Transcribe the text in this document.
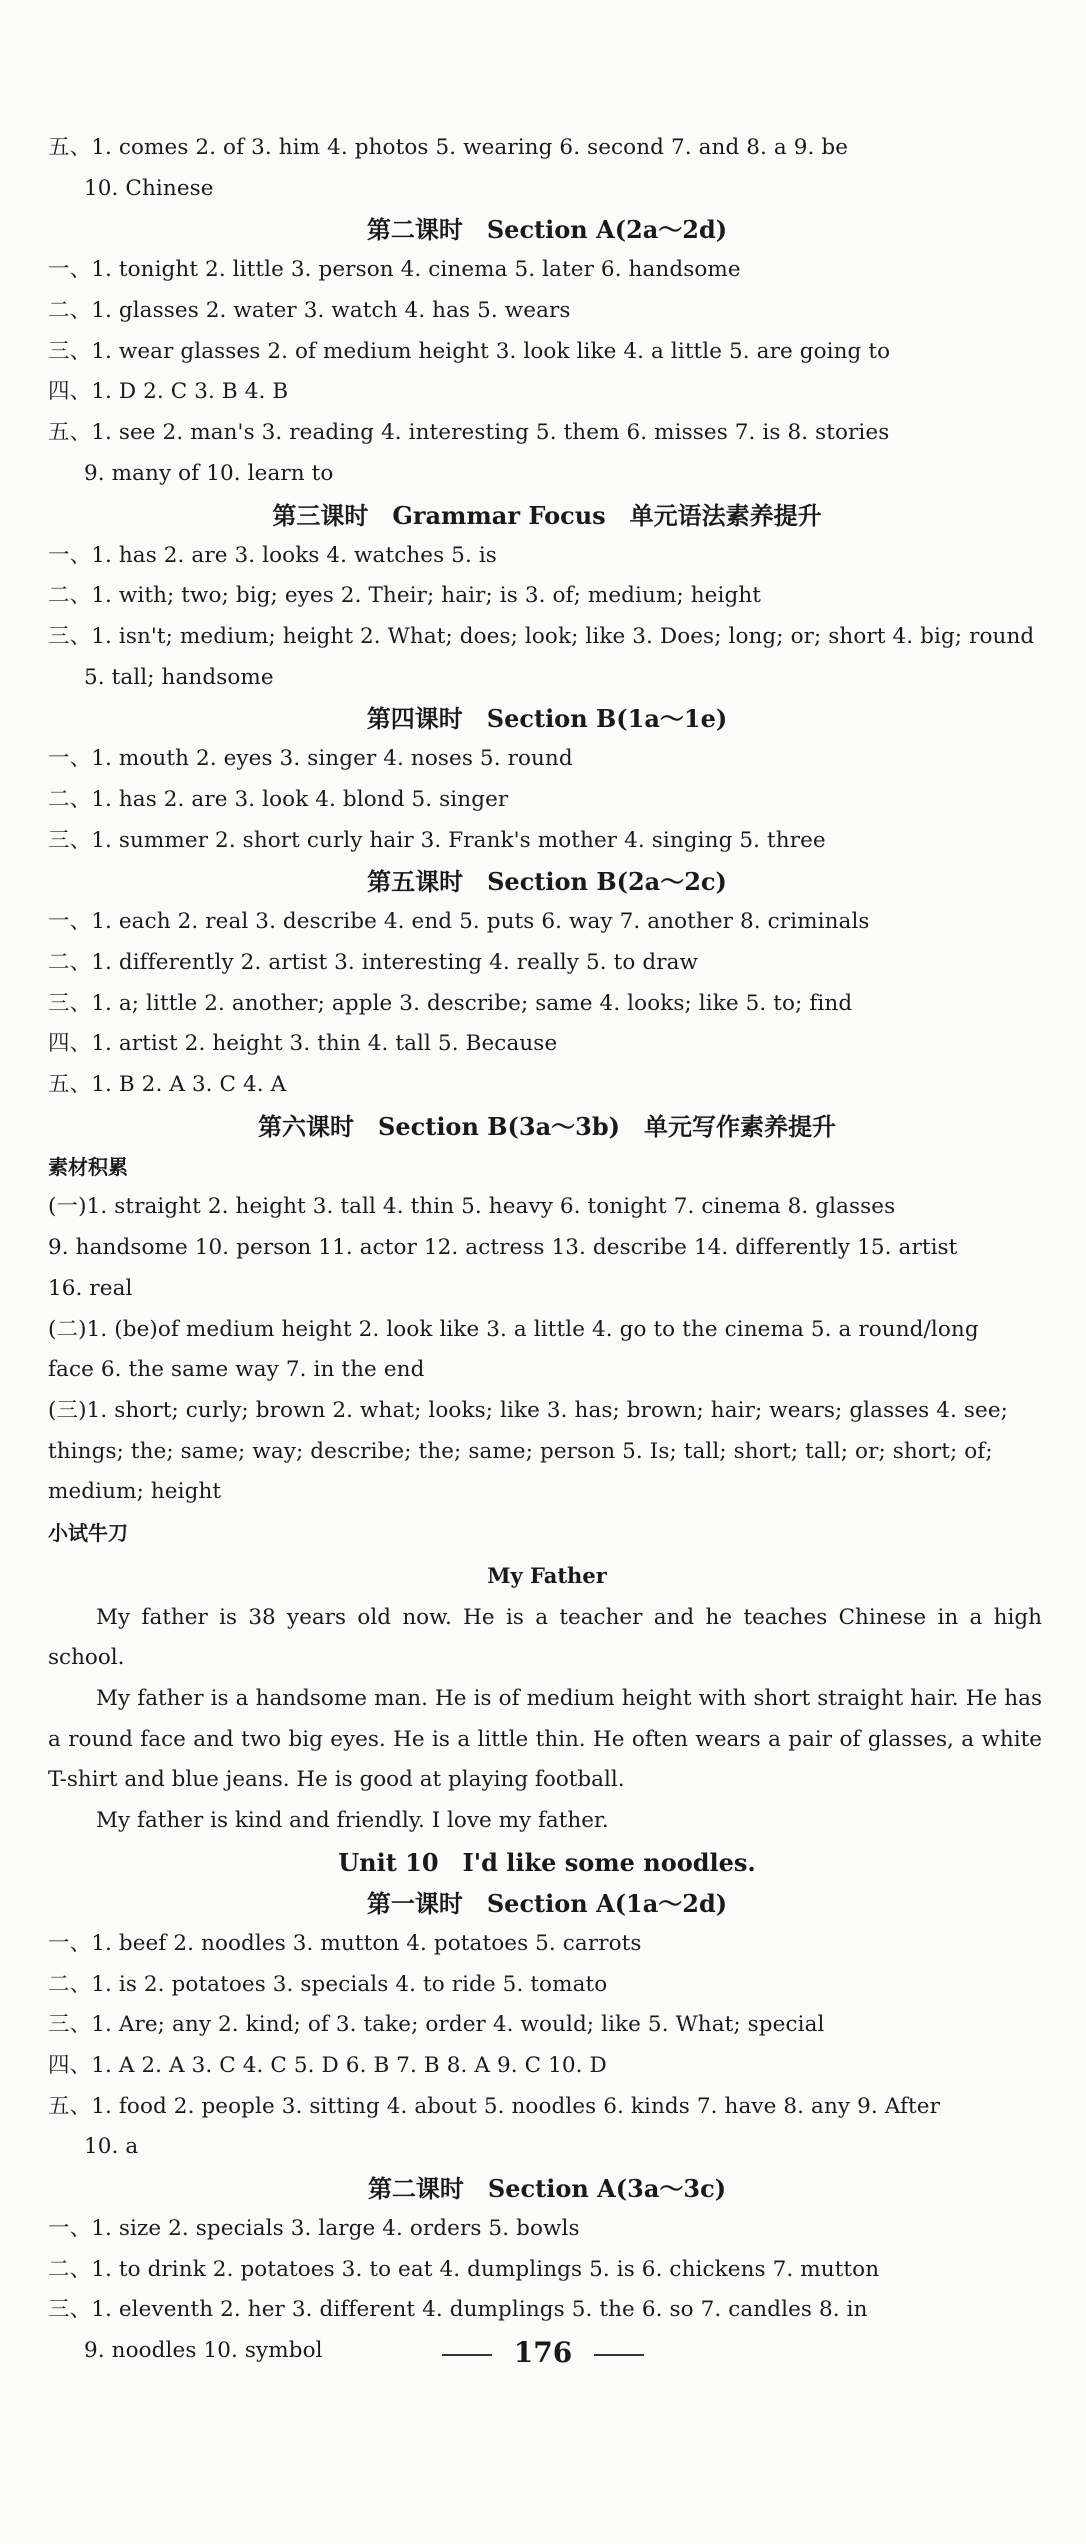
五、1. comes 2. of 3. him 4. photos 5. wearing 6. second 7. and 8. a 9. be
10. Chinese
第二课时　Section A(2a～2d)
一、1. tonight 2. little 3. person 4. cinema 5. later 6. handsome
二、1. glasses 2. water 3. watch 4. has 5. wears
三、1. wear glasses 2. of medium height 3. look like 4. a little 5. are going to
四、1. D 2. C 3. B 4. B
五、1. see 2. man's 3. reading 4. interesting 5. them 6. misses 7. is 8. stories
9. many of 10. learn to
第三课时　Grammar Focus　单元语法素养提升
一、1. has 2. are 3. looks 4. watches 5. is
二、1. with; two; big; eyes 2. Their; hair; is 3. of; medium; height
三、1. isn't; medium; height 2. What; does; look; like 3. Does; long; or; short 4. big; round
5. tall; handsome
第四课时　Section B(1a～1e)
一、1. mouth 2. eyes 3. singer 4. noses 5. round
二、1. has 2. are 3. look 4. blond 5. singer
三、1. summer 2. short curly hair 3. Frank's mother 4. singing 5. three
第五课时　Section B(2a～2c)
一、1. each 2. real 3. describe 4. end 5. puts 6. way 7. another 8. criminals
二、1. differently 2. artist 3. interesting 4. really 5. to draw
三、1. a; little 2. another; apple 3. describe; same 4. looks; like 5. to; find
四、1. artist 2. height 3. thin 4. tall 5. Because
五、1. B 2. A 3. C 4. A
第六课时　Section B(3a～3b)　单元写作素养提升
素材积累
(一)1. straight 2. height 3. tall 4. thin 5. heavy 6. tonight 7. cinema 8. glasses
9. handsome 10. person 11. actor 12. actress 13. describe 14. differently 15. artist
16. real
(二)1. (be)of medium height 2. look like 3. a little 4. go to the cinema 5. a round/long
face 6. the same way 7. in the end
(三)1. short; curly; brown 2. what; looks; like 3. has; brown; hair; wears; glasses 4. see;
things; the; same; way; describe; the; same; person 5. Is; tall; short; tall; or; short; of;
medium; height
小试牛刀
My Father

My father is 38 years old now. He is a teacher and he teaches Chinese in a high school.

My father is a handsome man. He is of medium height with short straight hair. He has a round face and two big eyes. He is a little thin. He often wears a pair of glasses, a white T-shirt and blue jeans. He is good at playing football.

My father is kind and friendly. I love my father.

Unit 10　I'd like some noodles.
第一课时　Section A(1a～2d)
一、1. beef 2. noodles 3. mutton 4. potatoes 5. carrots
二、1. is 2. potatoes 3. specials 4. to ride 5. tomato
三、1. Are; any 2. kind; of 3. take; order 4. would; like 5. What; special
四、1. A 2. A 3. C 4. C 5. D 6. B 7. B 8. A 9. C 10. D
五、1. food 2. people 3. sitting 4. about 5. noodles 6. kinds 7. have 8. any 9. After
10. a
第二课时　Section A(3a～3c)
一、1. size 2. specials 3. large 4. orders 5. bowls
二、1. to drink 2. potatoes 3. to eat 4. dumplings 5. is 6. chickens 7. mutton
三、1. eleventh 2. her 3. different 4. dumplings 5. the 6. so 7. candles 8. in
9. noodles 10. symbol	176
